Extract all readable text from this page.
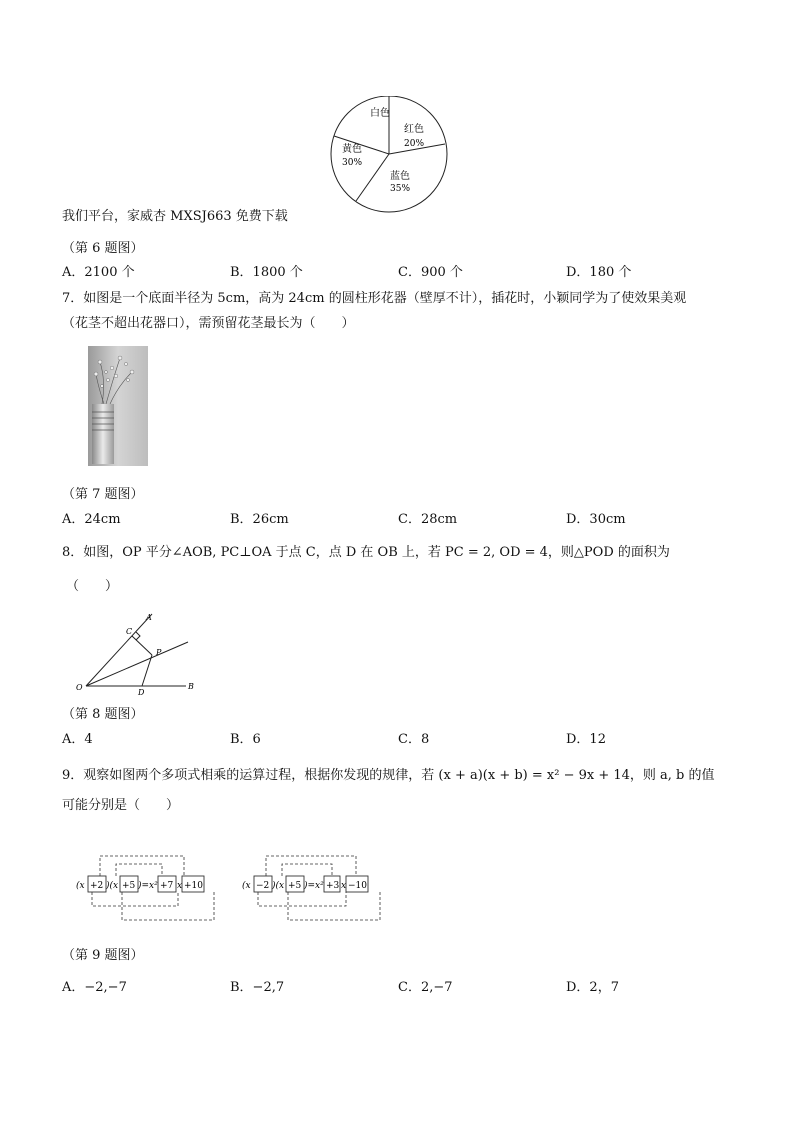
白色
红色
20%
黄色
30%
蓝色
35%
我们平台，家威杏 MXSJ663 免费下载
（第 6 题图）
A．2100 个	B．1800 个	C．900 个	D．180 个
7．如图是一个底面半径为 5cm，高为 24cm 的圆柱形花器（壁厚不计），插花时，小颖同学为了使效果美观
（花茎不超出花器口），需预留花茎最长为（　　）
（第 7 题图）
A．24cm	B．26cm	C．28cm	D．30cm
8．如图，OP 平分∠AOB, PC⊥OA 于点 C，点 D 在 OB 上，若 PC = 2, OD = 4，则△POD 的面积为
（　　）
A
C
P
O
D
B
（第 8 题图）
A．4	B．6	C．8	D．12
9．观察如图两个多项式相乘的运算过程，根据你发现的规律，若 (x + a)(x + b) = x² − 9x + 14，则 a, b 的值
可能分别是（　　）
(x +2 )(x +5 )=x² +7 x +10	(x −2 )(x +5 )=x² +3 x −10
（第 9 题图）
A．−2,−7	B．−2,7	C．2,−7	D．2，7
